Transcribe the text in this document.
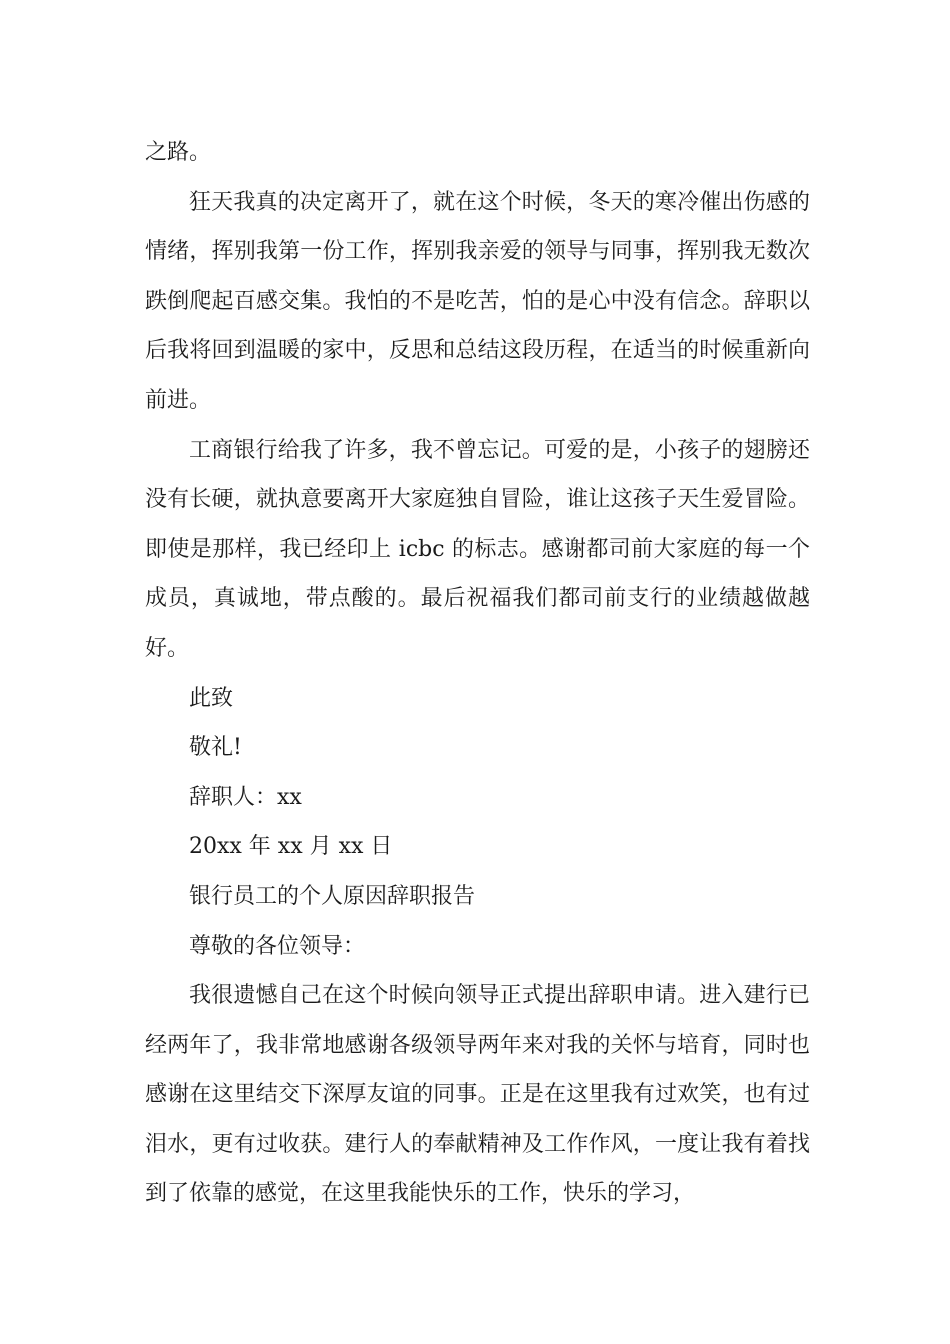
之路。

狂天我真的决定离开了，就在这个时候，冬天的寒冷催出伤感的情绪，挥别我第一份工作，挥别我亲爱的领导与同事，挥别我无数次跌倒爬起百感交集。我怕的不是吃苦，怕的是心中没有信念。辞职以后我将回到温暖的家中，反思和总结这段历程，在适当的时候重新向前进。

工商银行给我了许多，我不曾忘记。可爱的是，小孩子的翅膀还没有长硬，就执意要离开大家庭独自冒险，谁让这孩子天生爱冒险。即使是那样，我已经印上 icbc 的标志。感谢都司前大家庭的每一个成员，真诚地，带点酸的。最后祝福我们都司前支行的业绩越做越好。

此致

敬礼!

辞职人：xx

20xx 年 xx 月 xx 日

银行员工的个人原因辞职报告

尊敬的各位领导：

我很遗憾自己在这个时候向领导正式提出辞职申请。进入建行已经两年了，我非常地感谢各级领导两年来对我的关怀与培育，同时也感谢在这里结交下深厚友谊的同事。正是在这里我有过欢笑，也有过泪水，更有过收获。建行人的奉献精神及工作作风，一度让我有着找到了依靠的感觉，在这里我能快乐的工作，快乐的学习，
